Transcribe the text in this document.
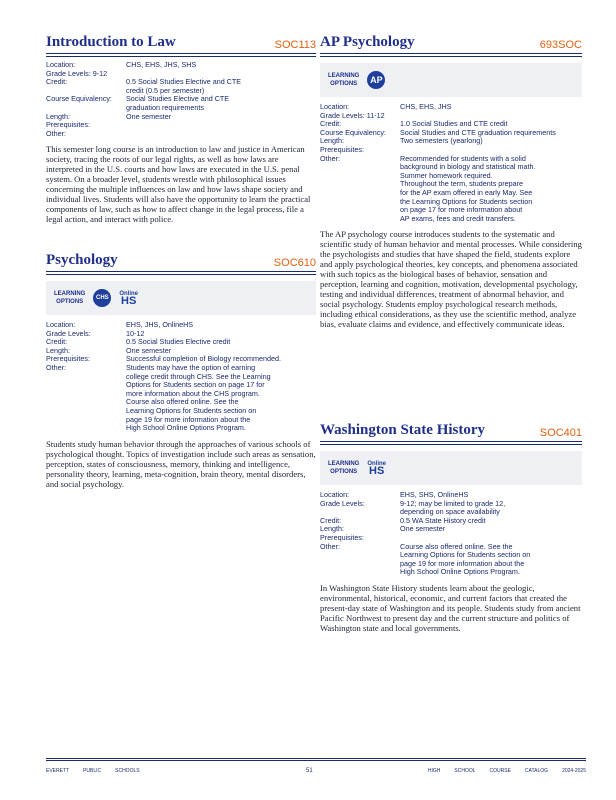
Introduction to Law	SOC113
Location:	CHS, EHS, JHS, SHS
Grade Levels: 9-12
Credit:	0.5 Social Studies Elective and CTE
credit (0.5 per semester)
Course Equivalency:	Social Studies Elective and CTE
graduation requirements
Length:	One semester
Prerequisites:
Other:
This semester long course is an introduction to law and justice in American society, tracing the roots of our legal rights, as well as how laws are interpreted in the U.S. courts and how laws are executed in the U.S. penal system. On a broader level, students wrestle with philosophical issues concerning the multiple influences on law and how laws shape society and individual lives. Students will also have the opportunity to learn the practical components of law, such as how to affect change in the legal process, file a legal action, and interact with police.
Psychology	SOC610
LEARNING
OPTIONS
CHS
Online
HS
Location:	EHS, JHS, OnlineHS
Grade Levels:	10-12
Credit:	0.5 Social Studies Elective credit
Length:	One semester
Prerequisites:	Successful completion of Biology recommended.
Other:	Students may have the option of earning
college credit through CHS. See the Learning
Options for Students section on page 17 for
more information about the CHS program.
Course also offered online. See the
Learning Options for Students section on
page 19 for more information about the
High School Online Options Program.
Students study human behavior through the approaches of various schools of psychological thought. Topics of investigation include such areas as sensation, perception, states of consciousness, memory, thinking and intelligence, personality theory, learning, meta-cognition, brain theory, mental disorders, and social psychology.
AP Psychology	693SOC
LEARNING
OPTIONS	AP
Location:	CHS, EHS, JHS
Grade Levels: 11-12
Credit:	1.0 Social Studies and CTE credit
Course Equivalency:	Social Studies and CTE graduation requirements
Length:	Two semesters (yearlong)
Prerequisites:
Other:	Recommended for students with a solid
background in biology and statistical math.
Summer homework required.
Throughout the term, students prepare
for the AP exam offered in early May. See
the Learning Options for Students section
on page 17 for more information about
AP exams, fees and credit transfers.
The AP psychology course introduces students to the systematic and scientific study of human behavior and mental processes. While considering the psychologists and studies that have shaped the field, students explore and apply psychological theories, key concepts, and phenomena associated with such topics as the biological bases of behavior, sensation and perception, learning and cognition, motivation, developmental psychology, testing and individual differences, treatment of abnormal behavior, and social psychology. Students employ psychological research methods, including ethical considerations, as they use the scientific method, analyze bias, evaluate claims and evidence, and effectively communicate ideas.
Washington State History	SOC401
LEARNING
OPTIONS
Online
HS
Location:	EHS, SHS, OnlineHS
Grade Levels:	9-12; may be limited to grade 12,
depending on space availability
Credit:	0.5 WA State History credit
Length:	One semester
Prerequisites:
Other:	Course also offered online. See the
Learning Options for Students section on
page 19 for more information about the
High School Online Options Program.
In Washington State History students learn about the geologic, environmental, historical, economic, and current factors that created the present-day state of Washington and its people. Students study from ancient Pacific Northwest to present day and the current structure and politics of Washington state and local governments.
EVERETT	PUBLIC	SCHOOLS	HIGH	SCHOOL	COURSE	CATALOG	2024-2025
51
